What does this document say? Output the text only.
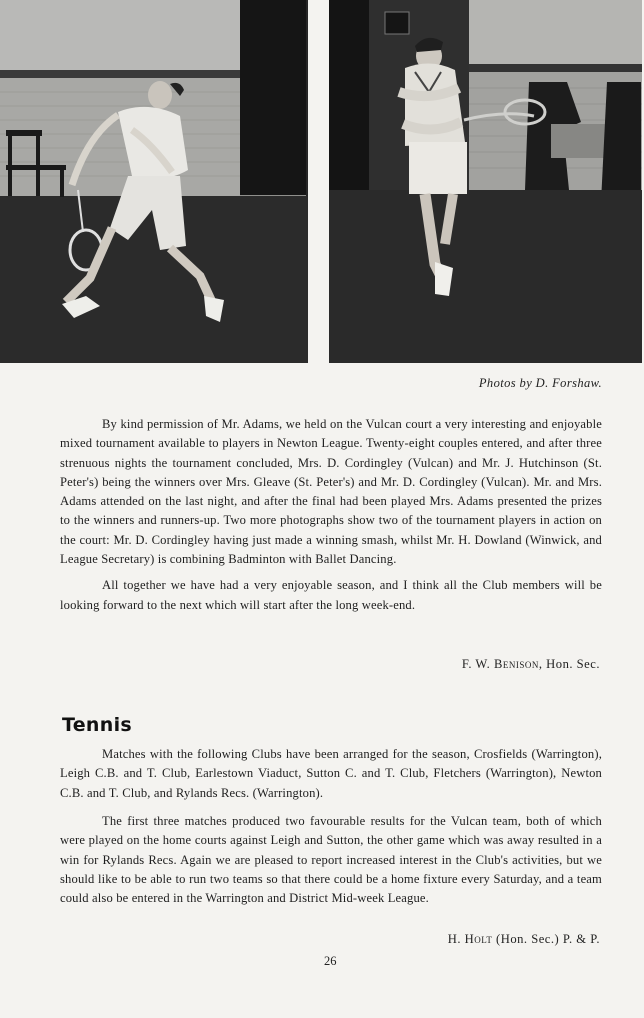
Photos by D. Forshaw.

By kind permission of Mr. Adams, we held on the Vulcan court a very interesting and enjoyable mixed tournament available to players in Newton League. Twenty-eight couples entered, and after three strenuous nights the tournament concluded, Mrs. D. Cordingley (Vulcan) and Mr. J. Hutchinson (St. Peter's) being the winners over Mrs. Gleave (St. Peter's) and Mr. D. Cordingley (Vulcan). Mr. and Mrs. Adams attended on the last night, and after the final had been played Mrs. Adams presented the prizes to the winners and runners-up. Two more photographs show two of the tournament players in action on the court: Mr. D. Cordingley having just made a winning smash, whilst Mr. H. Dowland (Winwick, and League Secretary) is combining Badminton with Ballet Dancing.

All together we have had a very enjoyable season, and I think all the Club members will be looking forward to the next which will start after the long week-end.

F. W. Benison, Hon. Sec.
Tennis

Matches with the following Clubs have been arranged for the season, Crosfields (Warrington), Leigh C.B. and T. Club, Earlestown Viaduct, Sutton C. and T. Club, Fletchers (Warrington), Newton C.B. and T. Club, and Rylands Recs. (Warrington).

The first three matches produced two favourable results for the Vulcan team, both of which were played on the home courts against Leigh and Sutton, the other game which was away resulted in a win for Rylands Recs. Again we are pleased to report increased interest in the Club's activities, but we should like to be able to run two teams so that there could be a home fixture every Saturday, and a team could also be entered in the Warrington and District Mid-week League.

H. Holt (Hon. Sec.) P. & P.
26
